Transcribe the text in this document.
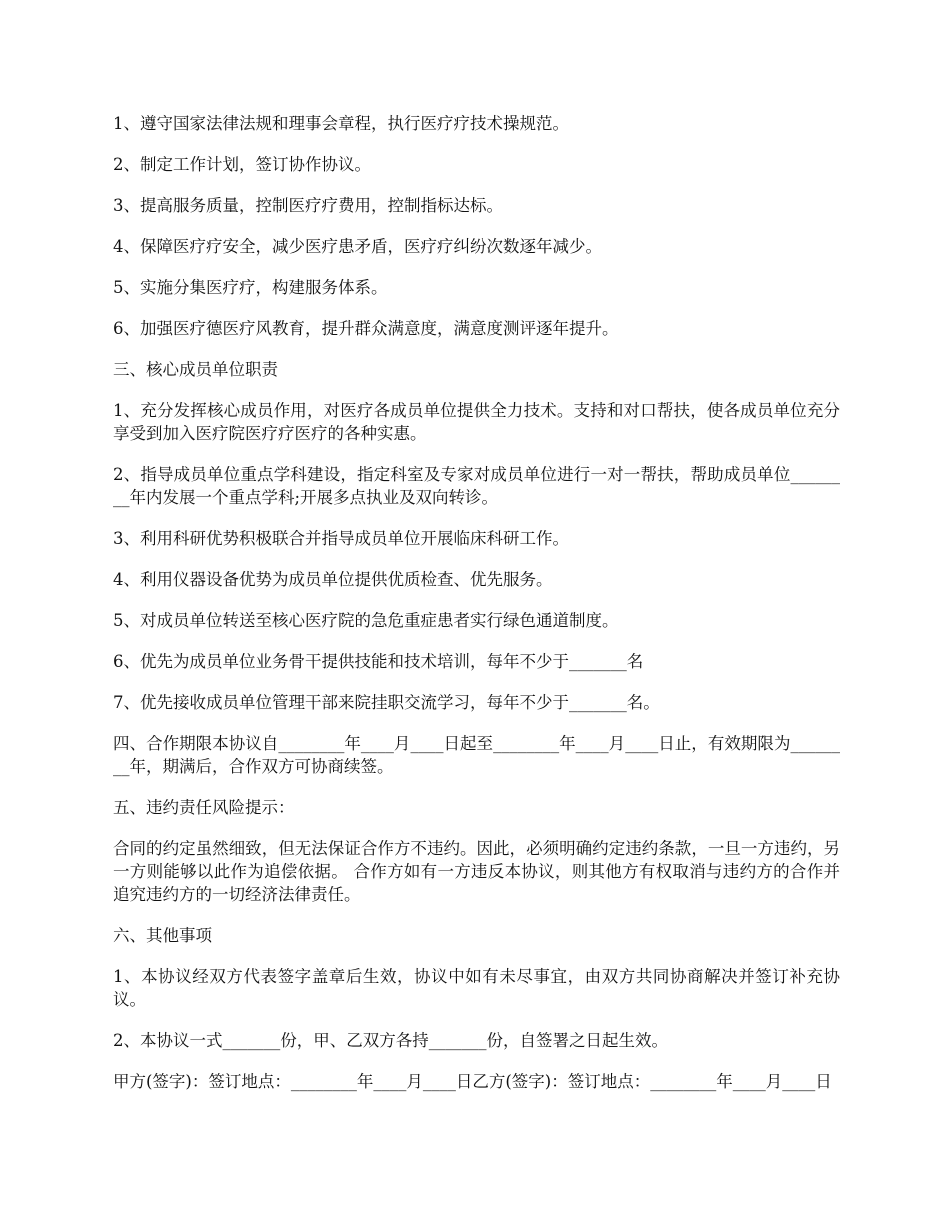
1、遵守国家法律法规和理事会章程，执行医疗疗技术操规范。

2、制定工作计划，签订协作协议。

3、提高服务质量，控制医疗疗费用，控制指标达标。

4、保障医疗疗安全，减少医疗患矛盾，医疗疗纠纷次数逐年减少。

5、实施分集医疗疗，构建服务体系。

6、加强医疗德医疗风教育，提升群众满意度，满意度测评逐年提升。

三、核心成员单位职责

1、充分发挥核心成员作用，对医疗各成员单位提供全力技术。支持和对口帮扶，使各成员单位充分享受到加入医疗院医疗疗医疗的各种实惠。

2、指导成员单位重点学科建设，指定科室及专家对成员单位进行一对一帮扶，帮助成员单位________年内发展一个重点学科;开展多点执业及双向转诊。

3、利用科研优势积极联合并指导成员单位开展临床科研工作。

4、利用仪器设备优势为成员单位提供优质检查、优先服务。

5、对成员单位转送至核心医疗院的急危重症患者实行绿色通道制度。

6、优先为成员单位业务骨干提供技能和技术培训，每年不少于_______名

7、优先接收成员单位管理干部来院挂职交流学习，每年不少于_______名。

四、合作期限本协议自________年____月____日起至________年____月____日止，有效期限为________年，期满后，合作双方可协商续签。

五、违约责任风险提示：

合同的约定虽然细致，但无法保证合作方不违约。因此，必须明确约定违约条款，一旦一方违约，另一方则能够以此作为追偿依据。 合作方如有一方违反本协议，则其他方有权取消与违约方的合作并追究违约方的一切经济法律责任。

六、其他事项

1、本协议经双方代表签字盖章后生效，协议中如有未尽事宜，由双方共同协商解决并签订补充协议。

2、本协议一式_______份，甲、乙双方各持_______份，自签署之日起生效。

甲方(签字)：签订地点：________年____月____日乙方(签字)：签订地点：________年____月____日
